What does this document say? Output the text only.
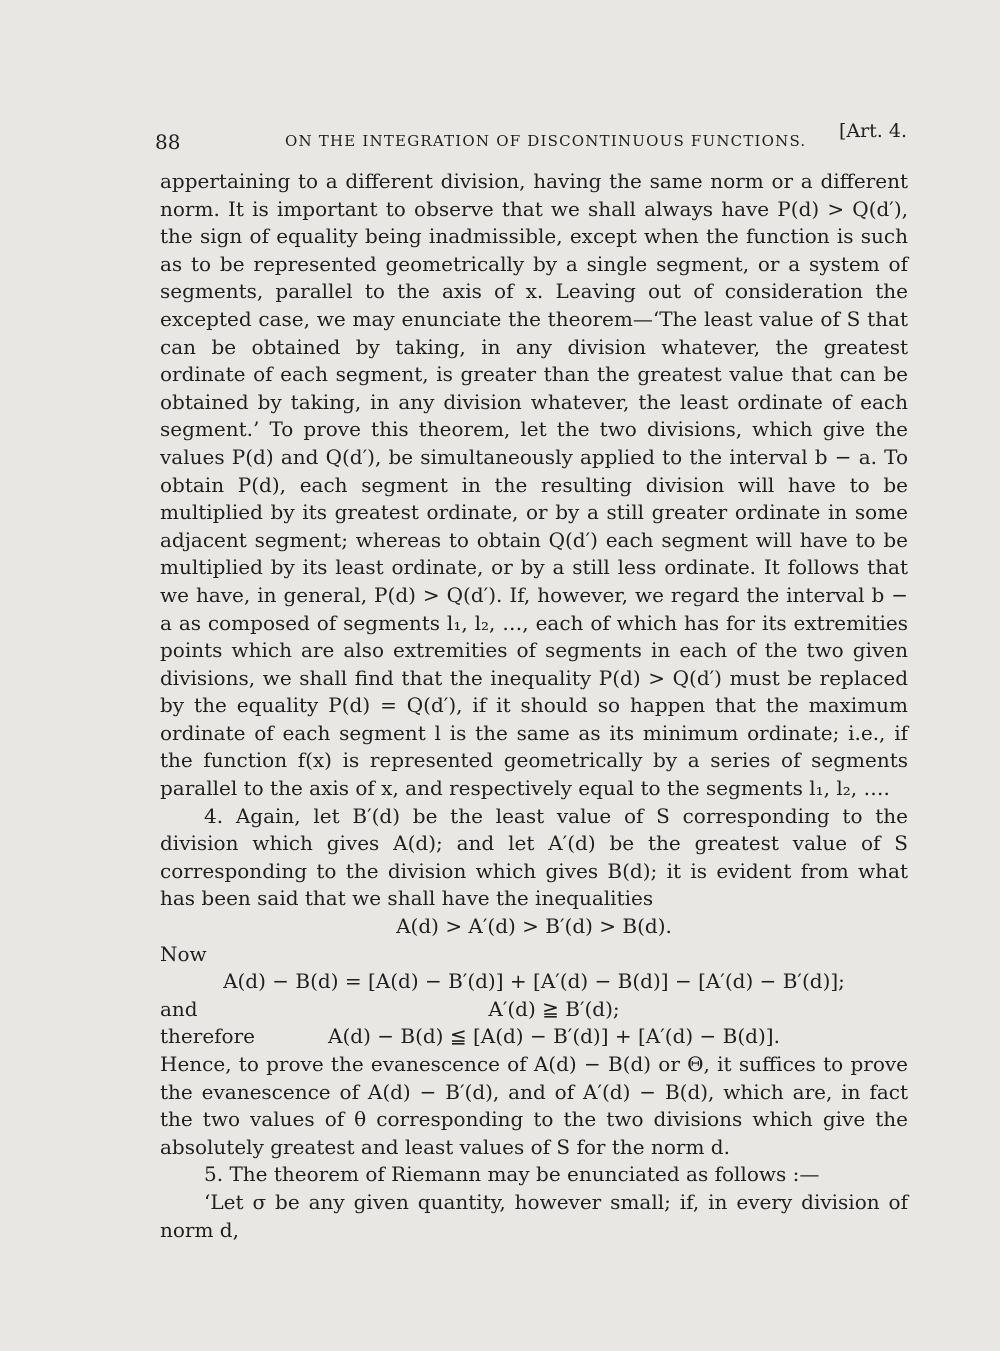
88	ON THE INTEGRATION OF DISCONTINUOUS FUNCTIONS. [Art. 4.

appertaining to a different division, having the same norm or a different norm. It is important to observe that we shall always have P(d) > Q(d′), the sign of equality being inadmissible, except when the function is such as to be represented geometrically by a single segment, or a system of segments, parallel to the axis of x. Leaving out of consideration the excepted case, we may enunciate the theorem—‘The least value of S that can be obtained by taking, in any division whatever, the greatest ordinate of each segment, is greater than the greatest value that can be obtained by taking, in any division whatever, the least ordinate of each segment.’ To prove this theorem, let the two divisions, which give the values P(d) and Q(d′), be simultaneously applied to the interval b − a. To obtain P(d), each segment in the resulting division will have to be multiplied by its greatest ordinate, or by a still greater ordinate in some adjacent segment; whereas to obtain Q(d′) each segment will have to be multiplied by its least ordinate, or by a still less ordinate. It follows that we have, in general, P(d) > Q(d′). If, however, we regard the interval b − a as composed of segments l₁, l₂, …, each of which has for its extremities points which are also extremities of segments in each of the two given divisions, we shall find that the inequality P(d) > Q(d′) must be replaced by the equality P(d) = Q(d′), if it should so happen that the maximum ordinate of each segment l is the same as its minimum ordinate; i.e., if the function f(x) is represented geometrically by a series of segments parallel to the axis of x, and respectively equal to the segments l₁, l₂, ….

4. Again, let B′(d) be the least value of S corresponding to the division which gives A(d); and let A′(d) be the greatest value of S corresponding to the division which gives B(d); it is evident from what has been said that we shall have the inequalities

A(d) > A′(d) > B′(d) > B(d).

Now

A(d) − B(d) = [A(d) − B′(d)] + [A′(d) − B(d)] − [A′(d) − B′(d)];

and	A′(d) ≧ B′(d);
therefore	A(d) − B(d) ≦ [A(d) − B′(d)] + [A′(d) − B(d)].

Hence, to prove the evanescence of A(d) − B(d) or Θ, it suffices to prove the evanescence of A(d) − B′(d), and of A′(d) − B(d), which are, in fact the two values of θ corresponding to the two divisions which give the absolutely greatest and least values of S for the norm d.

5. The theorem of Riemann may be enunciated as follows :—

‘Let σ be any given quantity, however small; if, in every division of norm d,
